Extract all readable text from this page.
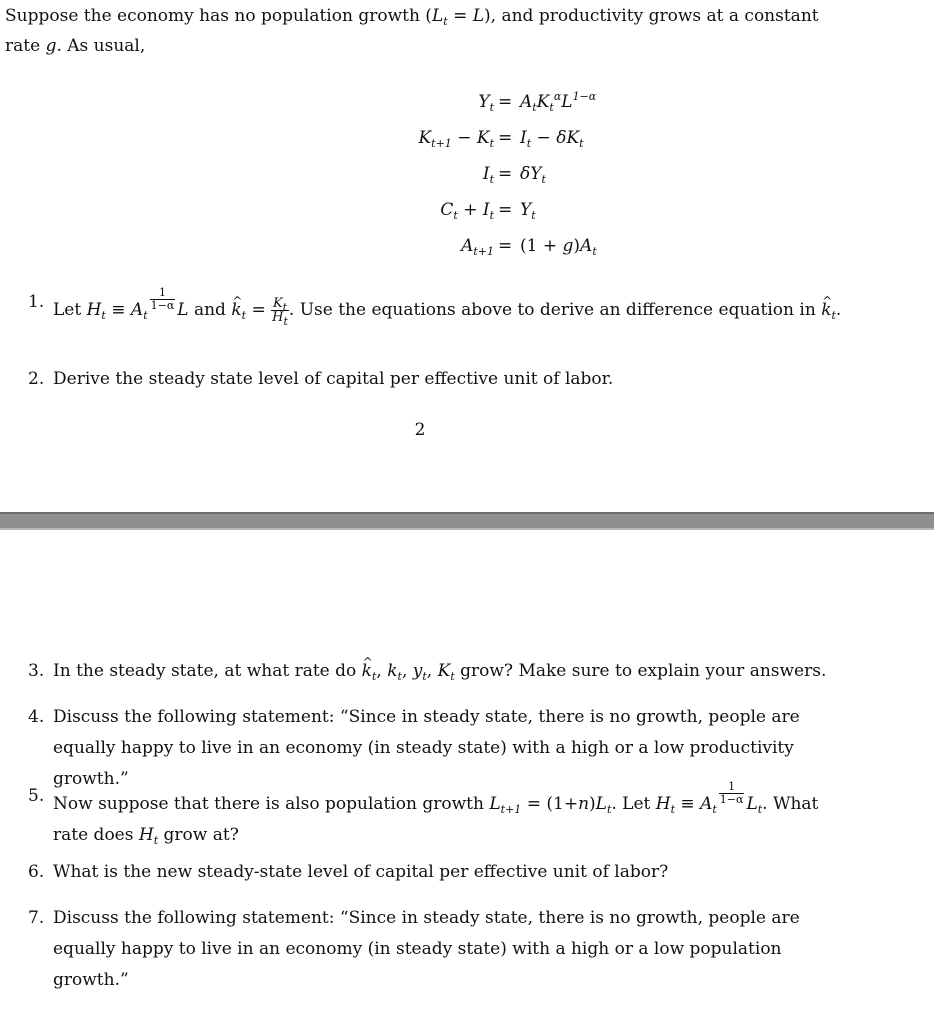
Suppose the economy has no population growth $(L_t = L)$, and productivity grows at a constant rate g. As usual,
$Y_t = A_tK_t^\alpha L^{1-\alpha}$
$K_{t+1} - K_t = I_t - \delta K_t$
$I_t = \delta Y_t$
$C_t + I_t = Y_t$
$A_{t+1} = (1 + g)A_t$
1. Let $H_t \equiv A_t$
$\frac{1}{1-\alpha}$ L and ^ $k_t = \frac{K_t}{H_t}$ . Use the equations above to derive an difference equation in ^ $k_t$.
2. Derive the steady state level of capital per effective unit of labor.
2
3. In the steady state, at what rate do ^ $k_t$, $k_t$, $y_t$, $K_t$ grow? Make sure to explain your answers.
4. Discuss the following statement: “Since in steady state, there is no growth, people are equally happy to live in an economy (in steady state) with a high or a low productivity growth.”
5. Now suppose that there is also population growth $L_{t+1} = (1+n)L_t$. Let $H_t \equiv A_t$
$\frac{1}{1-\alpha} L_t$. What rate does $H_t$ grow at?
6. What is the new steady-state level of capital per effective unit of labor?
7. Discuss the following statement: “Since in steady state, there is no growth, people are equally happy to live in an economy (in steady state) with a high or a low population growth.”
